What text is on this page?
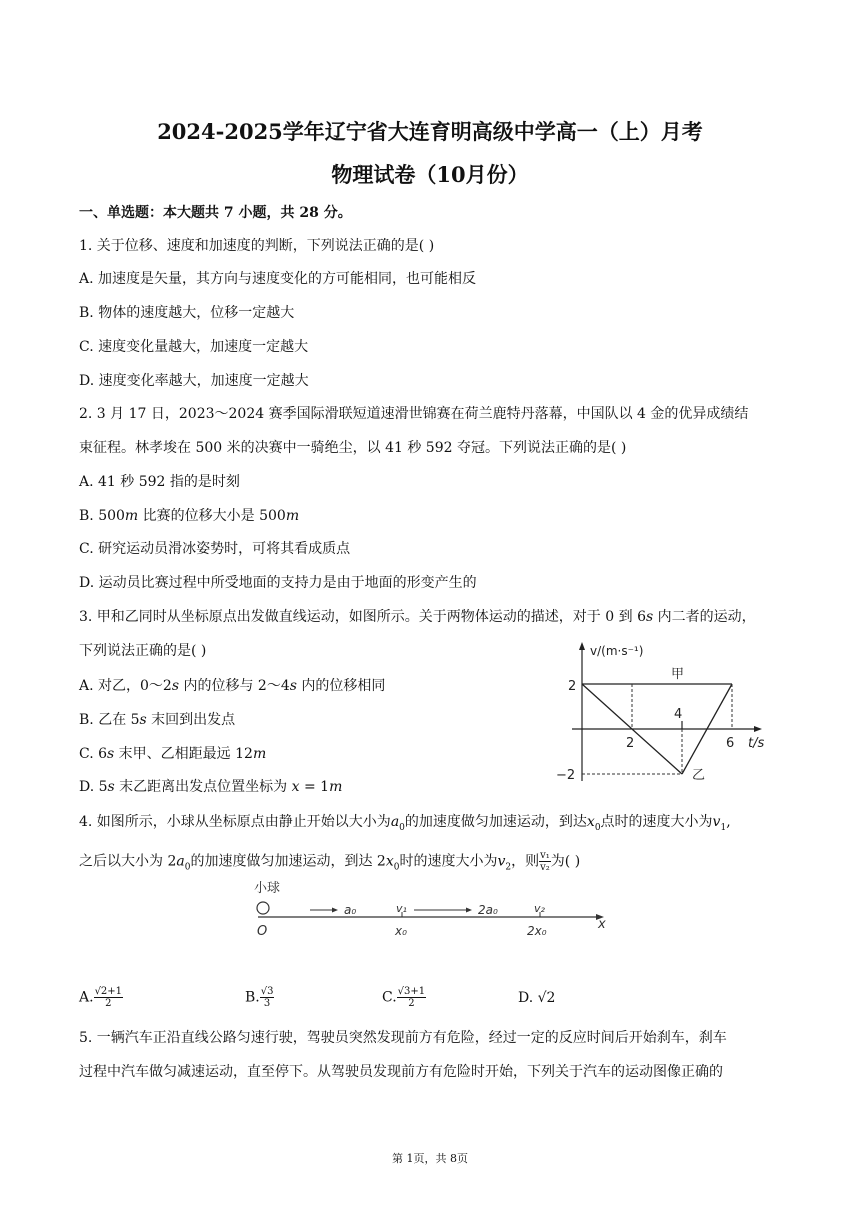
2024-2025学年辽宁省大连育明高级中学高一（上）月考
物理试卷（10月份）
一、单选题：本大题共 7 小题，共 28 分。
1. 关于位移、速度和加速度的判断，下列说法正确的是( )
A. 加速度是矢量，其方向与速度变化的方可能相同，也可能相反
B. 物体的速度越大，位移一定越大
C. 速度变化量越大，加速度一定越大
D. 速度变化率越大，加速度一定越大
2. 3 月 17 日，2023～2024 赛季国际滑联短道速滑世锦赛在荷兰鹿特丹落幕，中国队以 4 金的优异成绩结
束征程。林孝埈在 500 米的决赛中一骑绝尘，以 41 秒 592 夺冠。下列说法正确的是( )
A. 41 秒 592 指的是时刻
B. 500m 比赛的位移大小是 500m
C. 研究运动员滑冰姿势时，可将其看成质点
D. 运动员比赛过程中所受地面的支持力是由于地面的形变产生的
3. 甲和乙同时从坐标原点出发做直线运动，如图所示。关于两物体运动的描述，对于 0 到 6s 内二者的运动，
下列说法正确的是( )
A. 对乙，0～2s 内的位移与 2～4s 内的位移相同
B. 乙在 5s 末回到出发点
C. 6s 末甲、乙相距最远 12m
D. 5s 末乙距离出发点位置坐标为 x = 1m
v/(m·s⁻¹)
t/s
2
−2
2
4
6
甲
乙
4. 如图所示，小球从坐标原点由静止开始以大小为$a_0$的加速度做匀加速运动，到达$x_0$点时的速度大小为$v_1$,
之后以大小为 $2a_0$的加速度做匀加速运动，到达 $2x_0$时的速度大小为$v_2$，则 $\frac{\text{v₁}}{\text{v₂}}$ 为( )
小球
O
a₀	v₁
x₀
2a₀	v₂
2x₀	x
A. $\frac{√2+1}{2}$	B. $\frac{√3}{3}$	C. $\frac{√3+1}{2}$	D. √2
5. 一辆汽车正沿直线公路匀速行驶，驾驶员突然发现前方有危险，经过一定的反应时间后开始刹车，刹车
过程中汽车做匀减速运动，直至停下。从驾驶员发现前方有危险时开始，下列关于汽车的运动图像正确的
第 1页，共 8页
